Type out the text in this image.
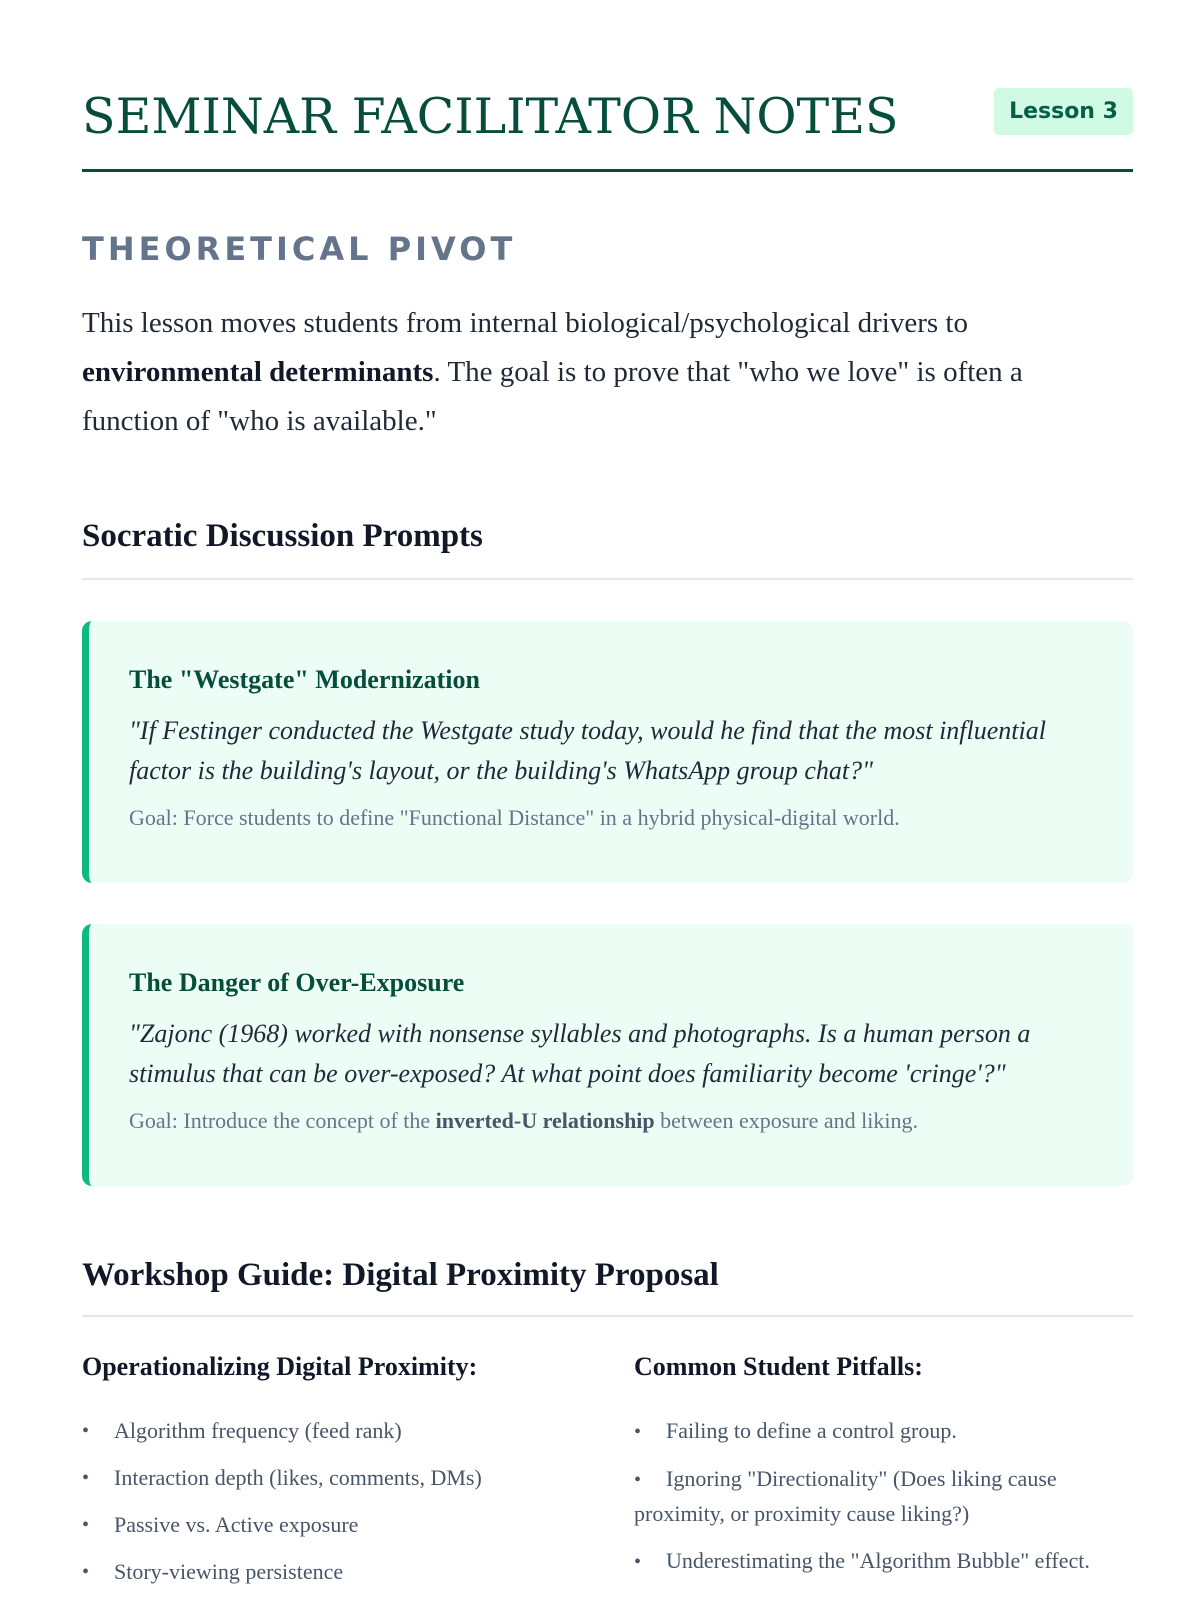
SEMINAR FACILITATOR NOTES	Lesson 3
THEORETICAL PIVOT

This lesson moves students from internal biological/psychological drivers to environmental determinants. The goal is to prove that "who we love" is often a function of "who is available."

Socratic Discussion Prompts
The "Westgate" Modernization
"If Festinger conducted the Westgate study today, would he find that the most influential factor is the building's layout, or the building's WhatsApp group chat?"
Goal: Force students to define "Functional Distance" in a hybrid physical-digital world.
The Danger of Over-Exposure
"Zajonc (1968) worked with nonsense syllables and photographs. Is a human person a stimulus that can be over-exposed? At what point does familiarity become 'cringe'?"
Goal: Introduce the concept of the inverted-U relationship between exposure and liking.
Workshop Guide: Digital Proximity Proposal
Operationalizing Digital Proximity:
• Algorithm frequency (feed rank)
• Interaction depth (likes, comments, DMs)
• Passive vs. Active exposure
• Story-viewing persistence
Common Student Pitfalls:
• Failing to define a control group.
• Ignoring "Directionality" (Does liking cause proximity, or proximity cause liking?)
• Underestimating the "Algorithm Bubble" effect.
